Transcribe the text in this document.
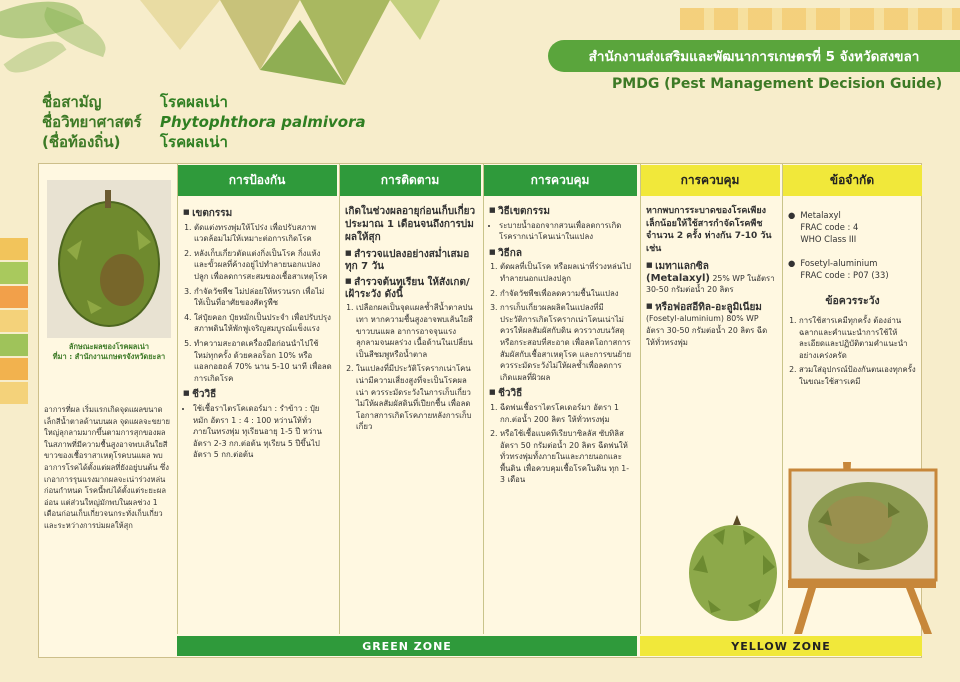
สำนักงานส่งเสริมและพัฒนาการเกษตรที่ 5 จังหวัดสงขลา
PMDG (Pest Management Decision Guide)
ชื่อสามัญ	โรคผลเน่า
ชื่อวิทยาศาสตร์	Phytophthora palmivora
(ชื่อท้องถิ่น)	โรคผลเน่า
ลักษณะผลของโรคผลเน่า
ที่มา : สำนักงานเกษตรจังหวัดยะลา
อาการที่ผล เริ่มแรกเกิดจุดแผลขนาดเล็กสีน้ำตาลด้านบนผล จุดแผลจะขยายใหญ่ลุกลามมากขึ้นตามการสุกของผล ในสภาพที่มีความชื้นสูงอาจพบเส้นใยสีขาวของเชื้อราสาเหตุโรคบนแผล พบอาการโรคได้ตั้งแต่ผลที่ยังอยู่บนต้น ซึ่งเกอาการรุนแรงมากผลจะเน่าร่วงหล่นก่อนกำหนด โรคนี้พบได้ตั้งแต่ระยะผลอ่อน แต่ส่วนใหญ่มักพบในผลช่วง 1 เดือนก่อนเก็บเกี่ยวจนกระทั่งเก็บเกี่ยว และระหว่างการบ่มผลให้สุก
การป้องกัน	การติดตาม	การควบคุม	การควบคุม	ข้อจำกัด
■ เขตกรรม
1. ตัดแต่งทรงพุ่มให้โปร่ง เพื่อปรับสภาพแวดล้อมไม่ให้เหมาะต่อการเกิดโรค
2. หลังเก็บเกี่ยวตัดแต่งกิ่งเป็นโรค กิ่งแห้ง และขั้วผลที่ค้างอยู่ไปทำลายนอกแปลงปลูก เพื่อลดการสะสมของเชื้อสาเหตุโรค
3. กำจัดวัชพืช ไม่ปล่อยให้หรวนรก เพื่อไม่ให้เป็นที่อาศัยของศัตรูพืช
4. ใส่ปุ๋ยคอก ปุ๋ยหมักเป็นประจำ เพื่อปรับปรุงสภาพดินให้พักฟูเจริญสมบูรณ์แข็งแรง
5. ทำความสะอาดเครื่องมือก่อนนำไปใช้ใหม่ทุกครั้ง ด้วยคลอร็อก 10% หรือแอลกอฮอล์ 70% นาน 5-10 นาที เพื่อลดการเกิดโรค
■ ชีววิธี
• ใช้เชื้อราไตรโคเดอร์มา : รำข้าว : ปุ๋ยหมัก อัตรา 1 : 4 : 100 หว่านให้ทั่วภายในทรงพุ่ม ทุเรียนอายุ 1-5 ปี หว่านอัตรา 2-3 กก.ต่อต้น ทุเรียน 5 ปีขึ้นไป อัตรา 5 กก.ต่อต้น
เกิดในช่วงผลอายุก่อนเก็บเกี่ยวประมาณ 1 เดือนจนถึงการบ่มผลให้สุก
■ สำรวจแปลงอย่างสม่ำเสมอ ทุก 7 วัน
■ สำรวจต้นทุเรียน ให้สังเกต/เฝ้าระวัง ดังนี้
1. เปลือกผลเป็นจุดแผลช้ำสีน้ำตาลปนเทา หากความชื้นสูงอาจพบเส้นใยสีขาวบนแผล อาการอาจจุนแรง ลุกลามจนผลร่วง เนื้อด้านในเปลี่ยนเป็นสีชมพูหรือน้ำตาล
2. ในแปลงที่มีประวัติโรครากเน่าโคนเน่ามีความเสี่ยงสูงที่จะเป็นโรคผลเน่า ควรระมัดระวังในการเก็บเกี่ยว ไม่ให้ผลสัมผัสดินที่เปียกชื้น เพื่อลดโอกาสการเกิดโรคภายหลังการเก็บเกี่ยว
■ วิธีเขตกรรม
• ระบายน้ำออกจากสวนเพื่อลดการเกิดโรครากเน่าโคนเน่าในแปลง
■ วิธีกล
1. ตัดผลที่เป็นโรค หรือผลเน่าที่ร่วงหล่นไปทำลายนอกแปลงปลูก
2. กำจัดวัชพืชเพื่อลดความชื้นในแปลง
3. การเก็บเกี่ยวผลผลิตในแปลงที่มีประวัติการเกิดโรครากเน่าโคนเน่าไม่ควรให้ผลสัมผัสกับดิน ควรวางบนวัสดุหรือกระสอบที่สะอาด เพื่อลดโอกาสการสัมผัสกับเชื้อสาเหตุโรค และการขนย้ายควรระมัดระวังไม่ให้ผลช้ำเพื่อลดการเกิดแผลที่ผิวผล
■ ชีววิธี
1. ฉีดพ่นเชื้อราไตรโคเดอร์มา อัตรา 1 กก.ต่อน้ำ 200 ลิตร ให้ทั่วทรงพุ่ม
2. หรือใช้เชื้อแบคทีเรียบาซิลลัส ซับทิลิส อัตรา 50 กรัมต่อน้ำ 20 ลิตร ฉีดพ่นให้ทั่วทรงพุ่มทั้งภายในและภายนอกและพื้นดิน เพื่อควบคุมเชื้อโรคในดิน ทุก 1-3 เดือน
หากพบการระบาดของโรคเพียงเล็กน้อยให้ใช้สารกำจัดโรคพืช จำนวน 2 ครั้ง ห่างกัน 7-10 วัน เช่น
■ เมทาแลกซิล (Metalaxyl) 25% WP ในอัตรา 30-50 กรัมต่อน้ำ 20 ลิตร
■ หรือฟอสอีทิล-อะลูมิเนียม (Fosetyl-aluminium) 80% WP อัตรา 30-50 กรัมต่อน้ำ 20 ลิตร ฉีดให้ทั่วทรงพุ่ม
● Metalaxyl
FRAC code : 4
WHO Class III
● Fosetyl-aluminium
FRAC code : P07 (33)
ข้อควรระวัง
1. การใช้สารเคมีทุกครั้ง ต้องอ่านฉลากและคำแนะนำการใช้ให้ละเอียดและปฏิบัติตามคำแนะนำอย่างเคร่งครัด
2. สวมใส่อุปกรณ์ป้องกันตนเองทุกครั้งในขณะใช้สารเคมี
GREEN ZONE	YELLOW ZONE
